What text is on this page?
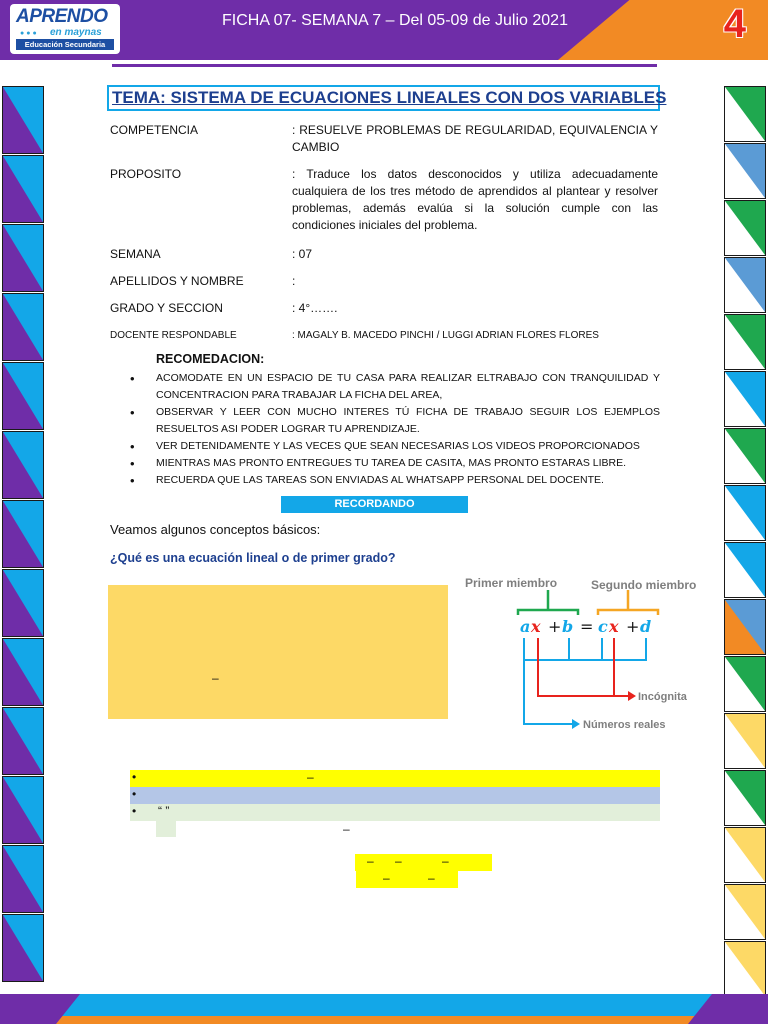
APRENDO
●●● en maynas
Educación Secundaria
FICHA 07- SEMANA 7 – Del 05-09 de Julio 2021	4
TEMA: SISTEMA DE ECUACIONES LINEALES CON DOS VARIABLES
COMPETENCIA	: RESUELVE PROBLEMAS DE REGULARIDAD, EQUIVALENCIA Y CAMBIO
PROPOSITO	: Traduce los datos desconocidos y utiliza adecuadamente cualquiera de los tres método de aprendidos al plantear y resolver problemas, además evalúa si la solución cumple con las condiciones iniciales del problema.
SEMANA	: 07
APELLIDOS Y NOMBRE	:
GRADO Y SECCION	: 4°…….
DOCENTE RESPONDABLE	: MAGALY B. MACEDO PINCHI / LUGGI ADRIAN FLORES FLORES
RECOMEDACION:
• ACOMODATE EN UN ESPACIO DE TU CASA PARA REALIZAR ELTRABAJO CON TRANQUILIDAD Y CONCENTRACION PARA TRABAJAR LA FICHA DEL AREA,
• OBSERVAR Y LEER CON MUCHO INTERES TÚ FICHA DE TRABAJO SEGUIR LOS EJEMPLOS RESUELTOS ASI PODER LOGRAR TU APRENDIZAJE.
• VER DETENIDAMENTE Y LAS VECES QUE SEAN NECESARIAS LOS VIDEOS PROPORCIONADOS
• MIENTRAS MAS PRONTO ENTREGUES TU TAREA DE CASITA, MAS PRONTO ESTARAS LIBRE.
• RECUERDA QUE LAS TAREAS SON ENVIADAS AL WHATSAPP PERSONAL DEL DOCENTE.
RECORDANDO
Veamos algunos conceptos básicos:
¿Qué es una ecuación lineal o de primer grado?
–
Primer miembro	Segundo miembro
a x + b = c x + d
Incógnita
Números reales
•	–
•
• “ ”
–
– –	–
–	–
